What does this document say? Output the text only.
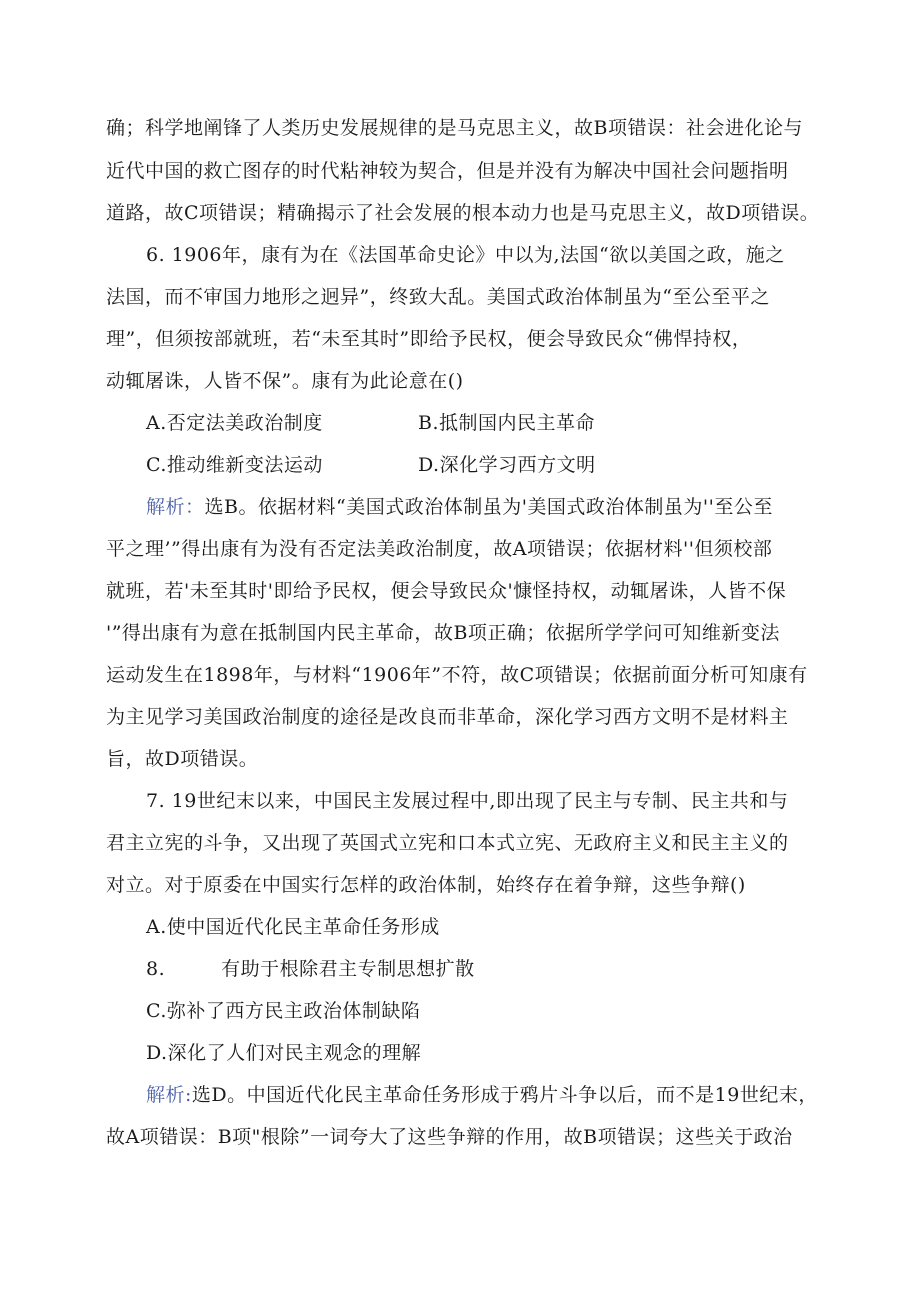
确；科学地阐锋了人类历史发展规律的是马克思主义，故B项错误：社会进化论与
近代中国的救亡图存的时代粘神较为契合，但是并没有为解决中国社会问题指明
道路，故C项错误；精确揭示了社会发展的根本动力也是马克思主义，故D项错误。
6. 1906年，康有为在《法国革命史论》中以为,法国“欲以美国之政，施之
法国，而不审国力地形之迥异”，终致大乱。美国式政治体制虽为“至公至平之
理”，但须按部就班，若“未至其时”即给予民权，便会导致民众“佛悍持权，
动辄屠诛，人皆不保”。康有为此论意在()
A.否定法美政治制度	B.抵制国内民主革命
C.推动维新变法运动	D.深化学习西方文明
解析：选B。依据材料“美国式政治体制虽为'美国式政治体制虽为''至公至
平之理’”得出康有为没有否定法美政治制度，故A项错误；依据材料''但须校部
就班，若'未至其时'即给予民权，便会导致民众'慷怪持权，动辄屠诛，人皆不保
'”得出康有为意在抵制国内民主革命，故B项正确；依据所学学问可知维新变法
运动发生在1898年，与材料“1906年”不符，故C项错误；依据前面分析可知康有
为主见学习美国政治制度的途径是改良而非革命，深化学习西方文明不是材料主
旨，故D项错误。
7. 19世纪末以来，中国民主发展过程中,即出现了民主与专制、民主共和与
君主立宪的斗争，又出现了英国式立宪和口本式立宪、无政府主义和民主主义的
对立。对于原委在中国实行怎样的政治体制，始终存在着争辩，这些争辩()
A.使中国近代化民主革命任务形成
8.	有助于根除君主专制思想扩散
C.弥补了西方民主政治体制缺陷
D.深化了人们对民主观念的理解
解析:选D。中国近代化民主革命任务形成于鸦片斗争以后，而不是19世纪末，
故A项错误：B项"根除”一词夸大了这些争辩的作用，故B项错误；这些关于政治
